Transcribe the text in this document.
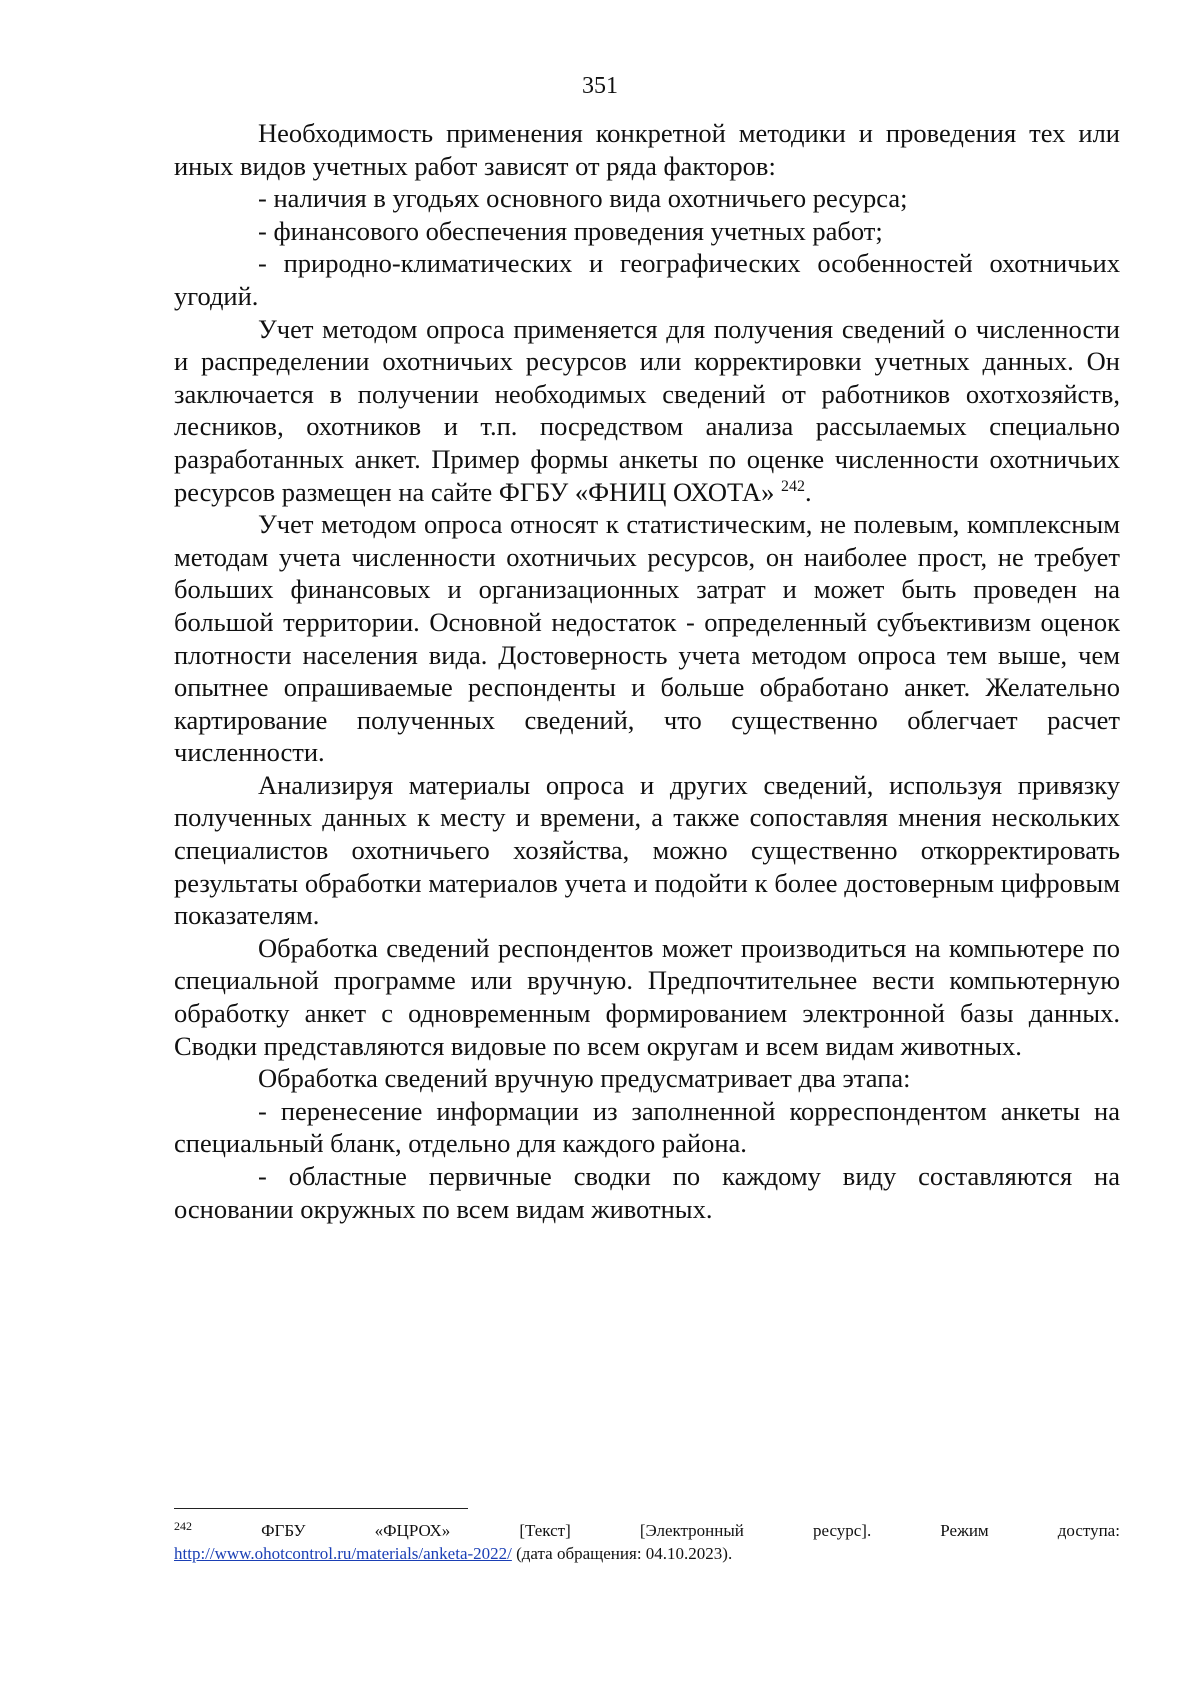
351

Необходимость применения конкретной методики и проведения тех или иных видов учетных работ зависят от ряда факторов:

- наличия в угодьях основного вида охотничьего ресурса;

- финансового обеспечения проведения учетных работ;

- природно-климатических и географических особенностей охотничьих угодий.

Учет методом опроса применяется для получения сведений о численности и распределении охотничьих ресурсов или корректировки учетных данных. Он заключается в получении необходимых сведений от работников охотхозяйств, лесников, охотников и т.п. посредством анализа рассылаемых специально разработанных анкет. Пример формы анкеты по оценке численности охотничьих ресурсов размещен на сайте ФГБУ «ФНИЦ ОХОТА» $^{242}$.

Учет методом опроса относят к статистическим, не полевым, комплексным методам учета численности охотничьих ресурсов, он наиболее прост, не требует больших финансовых и организационных затрат и может быть проведен на большой территории. Основной недостаток - определенный субъективизм оценок плотности населения вида. Достоверность учета методом опроса тем выше, чем опытнее опрашиваемые респонденты и больше обработано анкет. Желательно картирование полученных сведений, что существенно облегчает расчет численности.

Анализируя материалы опроса и других сведений, используя привязку полученных данных к месту и времени, а также сопоставляя мнения нескольких специалистов охотничьего хозяйства, можно существенно откорректировать результаты обработки материалов учета и подойти к более достоверным цифровым показателям.

Обработка сведений респондентов может производиться на компьютере по специальной программе или вручную. Предпочтительнее вести компьютерную обработку анкет с одновременным формированием электронной базы данных. Сводки представляются видовые по всем округам и всем видам животных.

Обработка сведений вручную предусматривает два этапа:

- перенесение информации из заполненной корреспондентом анкеты на специальный бланк, отдельно для каждого района.

- областные первичные сводки по каждому виду составляются на основании окружных по всем видам животных.

242	ФГБУ	«ФЦРОХ»	[Текст]	[Электронный	ресурс].	Режим	доступа:
http://www.ohotcontrol.ru/materials/anketa-2022/ (дата обращения: 04.10.2023).
